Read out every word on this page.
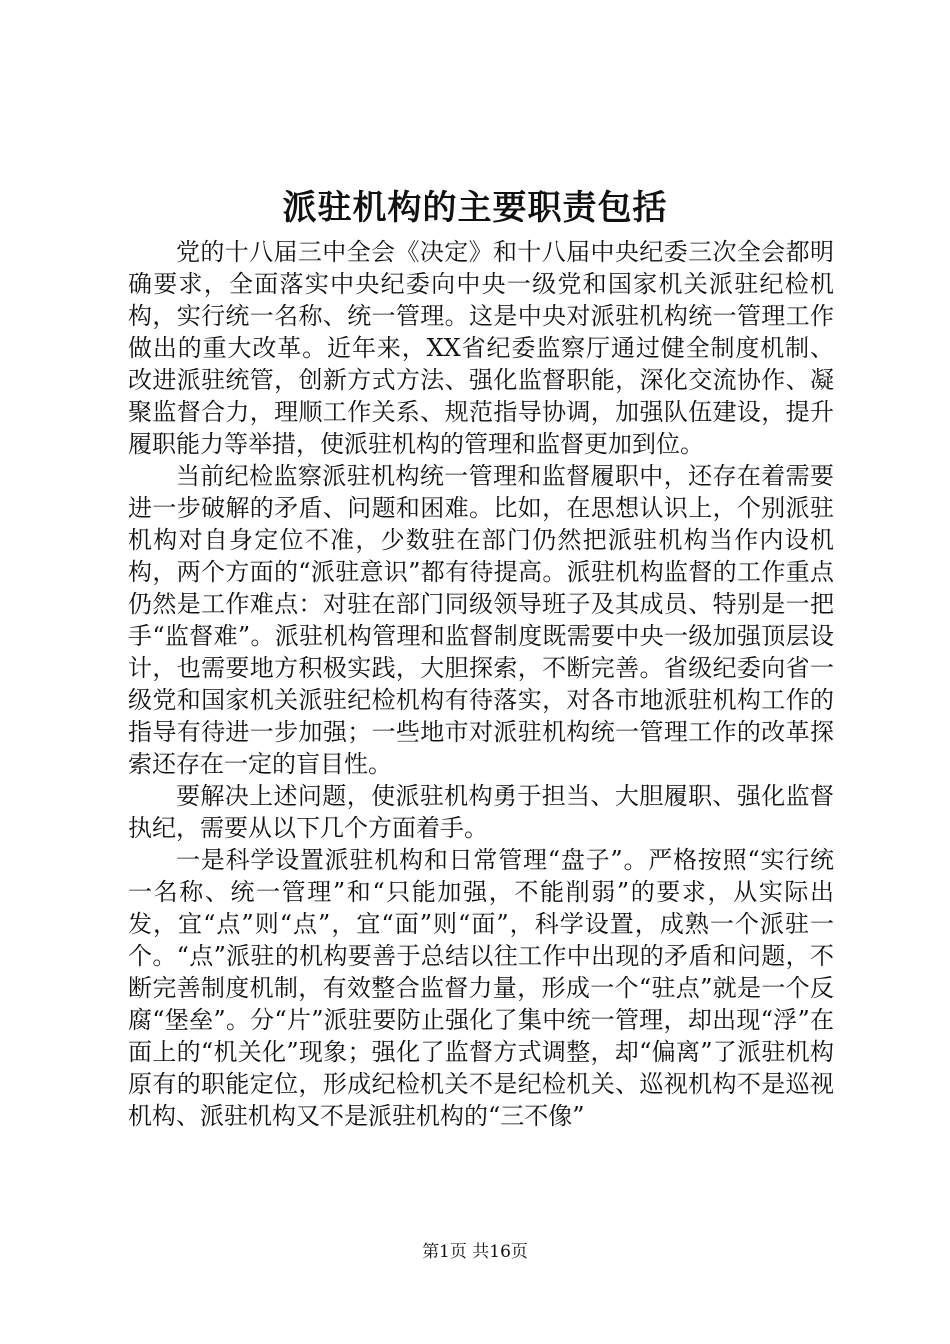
派驻机构的主要职责包括

党的十八届三中全会《决定》和十八届中央纪委三次全会都明确要求，全面落实中央纪委向中央一级党和国家机关派驻纪检机构，实行统一名称、统一管理。这是中央对派驻机构统一管理工作做出的重大改革。近年来，XX省纪委监察厅通过健全制度机制、改进派驻统管，创新方式方法、强化监督职能，深化交流协作、凝聚监督合力，理顺工作关系、规范指导协调，加强队伍建设，提升履职能力等举措，使派驻机构的管理和监督更加到位。

当前纪检监察派驻机构统一管理和监督履职中，还存在着需要进一步破解的矛盾、问题和困难。比如，在思想认识上，个别派驻机构对自身定位不准，少数驻在部门仍然把派驻机构当作内设机构，两个方面的“派驻意识”都有待提高。派驻机构监督的工作重点仍然是工作难点：对驻在部门同级领导班子及其成员、特别是一把手“监督难”。派驻机构管理和监督制度既需要中央一级加强顶层设计，也需要地方积极实践，大胆探索，不断完善。省级纪委向省一级党和国家机关派驻纪检机构有待落实，对各市地派驻机构工作的指导有待进一步加强；一些地市对派驻机构统一管理工作的改革探索还存在一定的盲目性。

要解决上述问题，使派驻机构勇于担当、大胆履职、强化监督执纪，需要从以下几个方面着手。

一是科学设置派驻机构和日常管理“盘子”。严格按照“实行统一名称、统一管理”和“只能加强，不能削弱”的要求，从实际出发，宜“点”则“点”，宜“面”则“面”，科学设置，成熟一个派驻一个。“点”派驻的机构要善于总结以往工作中出现的矛盾和问题，不断完善制度机制，有效整合监督力量，形成一个“驻点”就是一个反腐“堡垒”。分“片”派驻要防止强化了集中统一管理，却出现“浮”在面上的“机关化”现象；强化了监督方式调整，却“偏离”了派驻机构原有的职能定位，形成纪检机关不是纪检机关、巡视机构不是巡视机构、派驻机构又不是派驻机构的“三不像”

第1页 共16页
